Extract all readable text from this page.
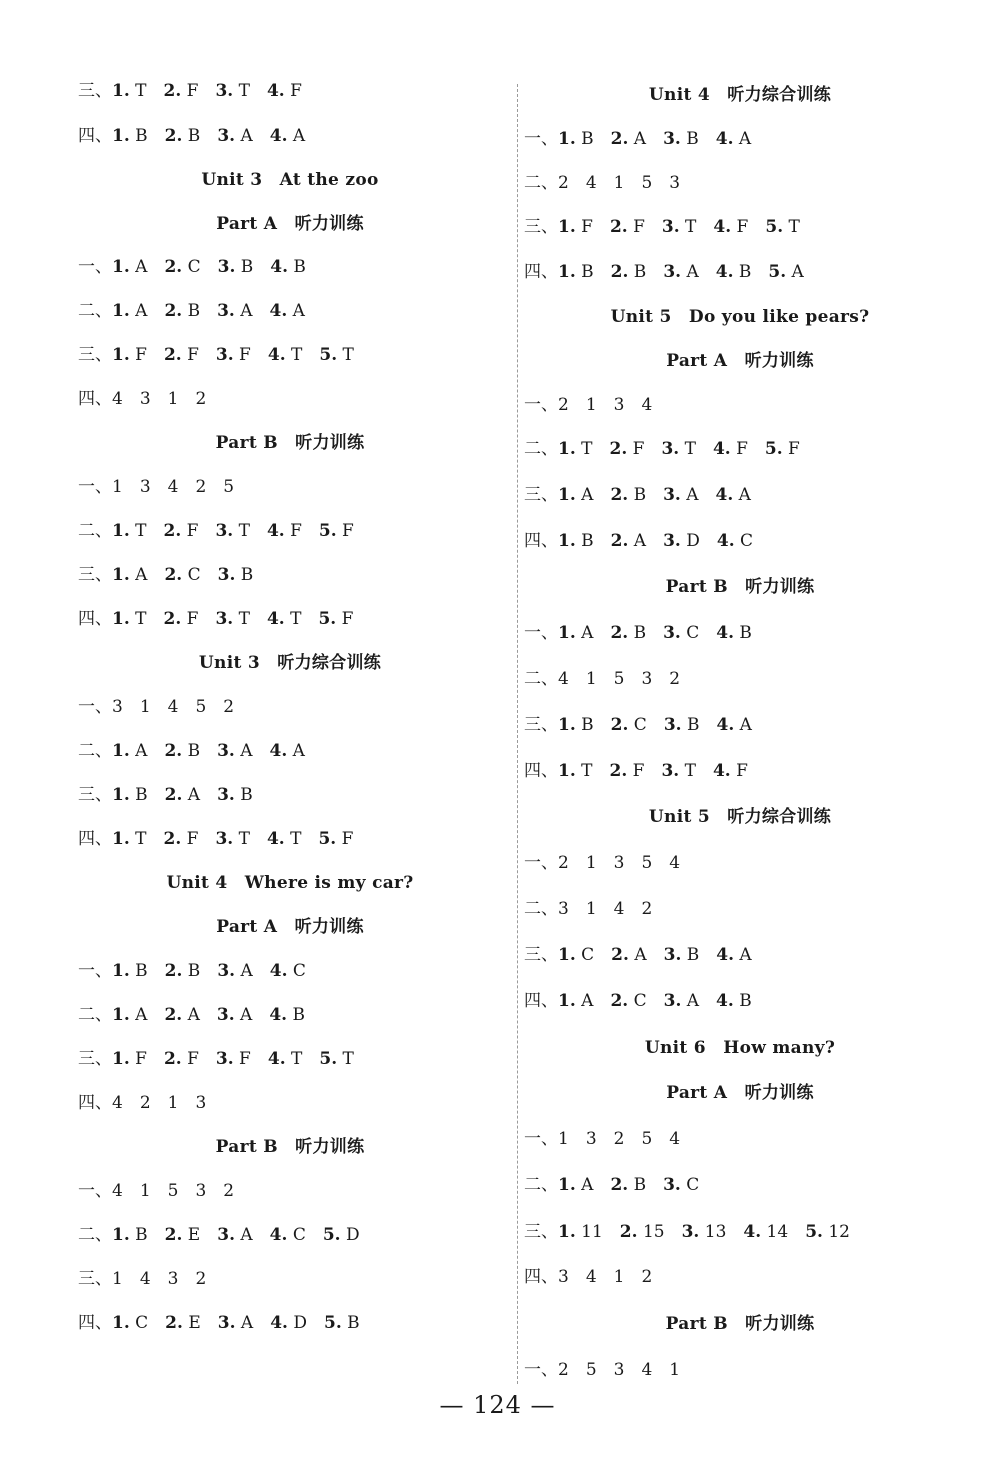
三、1. T　2. F　3. T　4. F
四、1. B　2. B　3. A　4. A
Unit 3　At the zoo
Part A　听力训练
一、1. A　2. C　3. B　4. B
二、1. A　2. B　3. A　4. A
三、1. F　2. F　3. F　4. T　5. T
四、4　3　1　2
Part B　听力训练
一、1　3　4　2　5
二、1. T　2. F　3. T　4. F　5. F
三、1. A　2. C　3. B
四、1. T　2. F　3. T　4. T　5. F
Unit 3　听力综合训练
一、3　1　4　5　2
二、1. A　2. B　3. A　4. A
三、1. B　2. A　3. B
四、1. T　2. F　3. T　4. T　5. F
Unit 4　Where is my car?
Part A　听力训练
一、1. B　2. B　3. A　4. C
二、1. A　2. A　3. A　4. B
三、1. F　2. F　3. F　4. T　5. T
四、4　2　1　3
Part B　听力训练
一、4　1　5　3　2
二、1. B　2. E　3. A　4. C　5. D
三、1　4　3　2
四、1. C　2. E　3. A　4. D　5. B
Unit 4　听力综合训练
一、1. B　2. A　3. B　4. A
二、2　4　1　5　3
三、1. F　2. F　3. T　4. F　5. T
四、1. B　2. B　3. A　4. B　5. A
Unit 5　Do you like pears?
Part A　听力训练
一、2　1　3　4
二、1. T　2. F　3. T　4. F　5. F
三、1. A　2. B　3. A　4. A
四、1. B　2. A　3. D　4. C
Part B　听力训练
一、1. A　2. B　3. C　4. B
二、4　1　5　3　2
三、1. B　2. C　3. B　4. A
四、1. T　2. F　3. T　4. F
Unit 5　听力综合训练
一、2　1　3　5　4
二、3　1　4　2
三、1. C　2. A　3. B　4. A
四、1. A　2. C　3. A　4. B
Unit 6　How many?
Part A　听力训练
一、1　3　2　5　4
二、1. A　2. B　3. C
三、1. 11　2. 15　3. 13　4. 14　5. 12
四、3　4　1　2
Part B　听力训练
一、2　5　3　4　1
— 124 —
